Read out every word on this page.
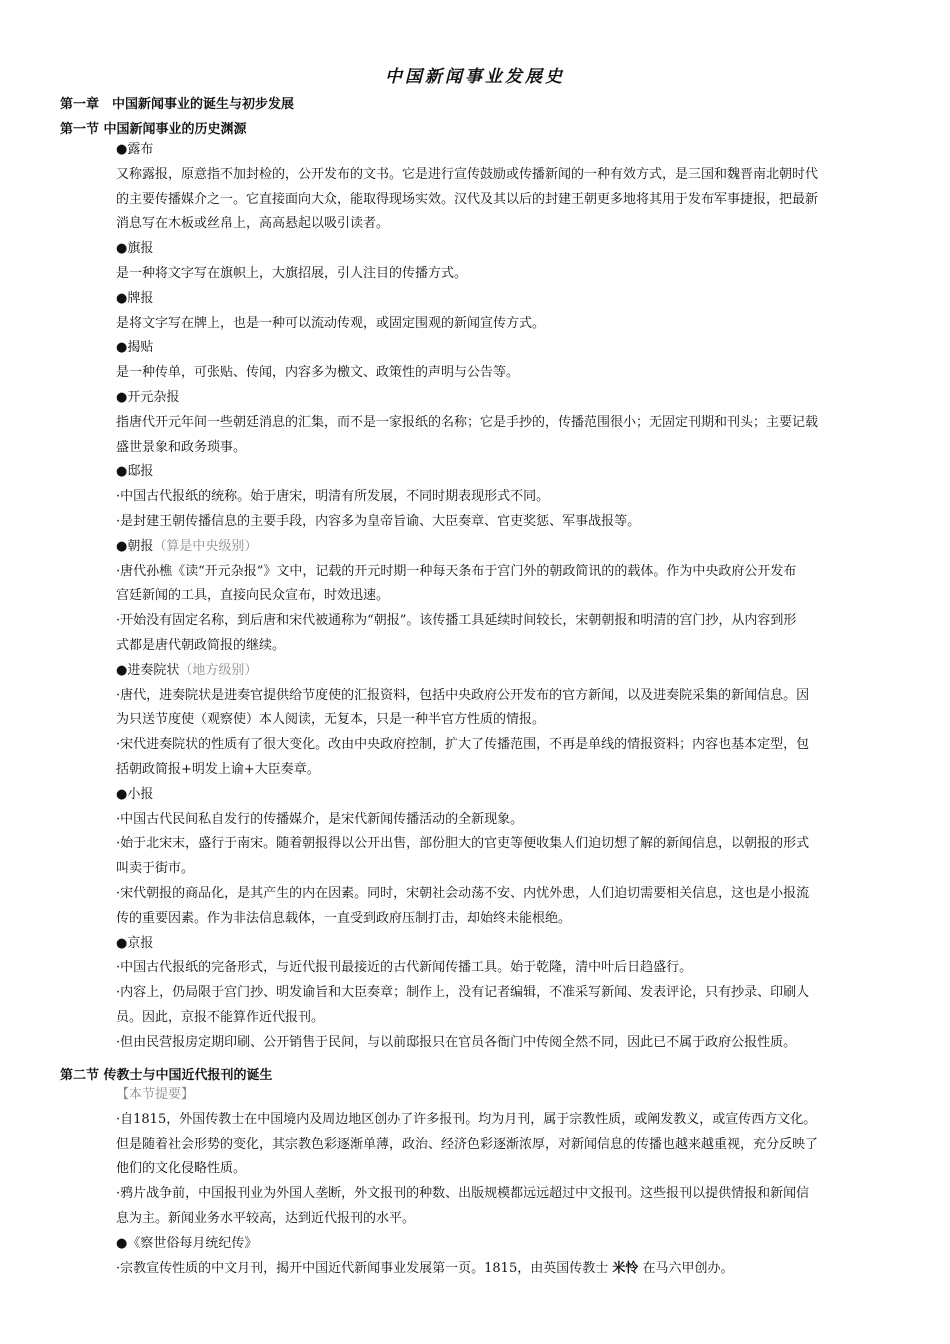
中国新闻事业发展史
第一章　中国新闻事业的诞生与初步发展
第一节 中国新闻事业的历史渊源
●露布
又称露报，原意指不加封检的，公开发布的文书。它是进行宣传鼓励或传播新闻的一种有效方式，是三国和魏晋南北朝时代
的主要传播媒介之一。它直接面向大众，能取得现场实效。汉代及其以后的封建王朝更多地将其用于发布军事捷报，把最新
消息写在木板或丝帛上，高高悬起以吸引读者。
●旗报
是一种将文字写在旗帜上，大旗招展，引人注目的传播方式。
●牌报
是将文字写在牌上，也是一种可以流动传观，或固定围观的新闻宣传方式。
●揭贴
是一种传单，可张贴、传闻，内容多为檄文、政策性的声明与公告等。
●开元杂报
指唐代开元年间一些朝廷消息的汇集，而不是一家报纸的名称；它是手抄的，传播范围很小；无固定刊期和刊头；主要记载
盛世景象和政务琐事。
●邸报
·中国古代报纸的统称。始于唐宋，明清有所发展，不同时期表现形式不同。
·是封建王朝传播信息的主要手段，内容多为皇帝旨谕、大臣奏章、官吏奖惩、军事战报等。
●朝报（算是中央级别）
·唐代孙樵《读“开元杂报”》文中，记载的开元时期一种每天条布于宫门外的朝政简讯的的载体。作为中央政府公开发布
宫廷新闻的工具，直接向民众宣布，时效迅速。
·开始没有固定名称，到后唐和宋代被通称为“朝报”。该传播工具延续时间较长，宋朝朝报和明清的宫门抄，从内容到形
式都是唐代朝政简报的继续。
●进奏院状（地方级别）
·唐代，进奏院状是进奏官提供给节度使的汇报资料，包括中央政府公开发布的官方新闻，以及进奏院采集的新闻信息。因
为只送节度使（观察使）本人阅读，无复本，只是一种半官方性质的情报。
·宋代进奏院状的性质有了很大变化。改由中央政府控制，扩大了传播范围，不再是单线的情报资料；内容也基本定型，包
括朝政简报+明发上谕+大臣奏章。
●小报
·中国古代民间私自发行的传播媒介，是宋代新闻传播活动的全新现象。
·始于北宋末，盛行于南宋。随着朝报得以公开出售，部份胆大的官吏等便收集人们迫切想了解的新闻信息，以朝报的形式
叫卖于街市。
·宋代朝报的商品化，是其产生的内在因素。同时，宋朝社会动荡不安、内忧外患，人们迫切需要相关信息，这也是小报流
传的重要因素。作为非法信息载体，一直受到政府压制打击，却始终未能根绝。
●京报
·中国古代报纸的完备形式，与近代报刊最接近的古代新闻传播工具。始于乾隆，清中叶后日趋盛行。
·内容上，仍局限于宫门抄、明发谕旨和大臣奏章；制作上，没有记者编辑，不准采写新闻、发表评论，只有抄录、印刷人
员。因此，京报不能算作近代报刊。
·但由民营报房定期印刷、公开销售于民间，与以前邸报只在官员各衙门中传阅全然不同，因此已不属于政府公报性质。
第二节 传教士与中国近代报刊的诞生
【本节提要】
·自1815，外国传教士在中国境内及周边地区创办了许多报刊。均为月刊，属于宗教性质，或阐发教义，或宣传西方文化。
但是随着社会形势的变化，其宗教色彩逐渐单薄，政治、经济色彩逐渐浓厚，对新闻信息的传播也越来越重视，充分反映了
他们的文化侵略性质。
·鸦片战争前，中国报刊业为外国人垄断，外文报刊的种数、出版规模都远远超过中文报刊。这些报刊以提供情报和新闻信
息为主。新闻业务水平较高，达到近代报刊的水平。
●《察世俗每月统纪传》
·宗教宣传性质的中文月刊，揭开中国近代新闻事业发展第一页。1815，由英国传教士 米怜 在马六甲创办。
